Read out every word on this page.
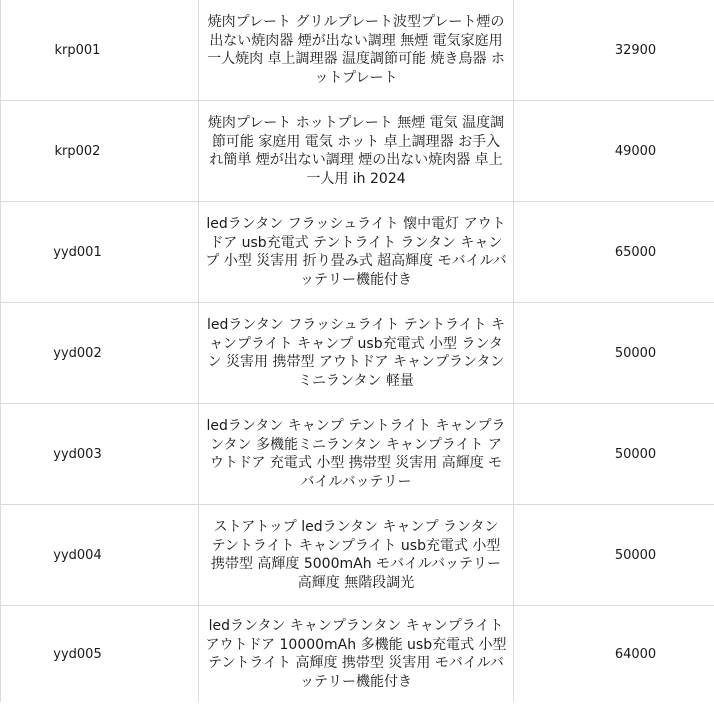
krp001	焼肉プレート グリルプレート波型プレート煙の出ない焼肉器 煙が出ない調理 無煙 電気家庭用 一人焼肉 卓上調理器 温度調節可能 焼き鳥器 ホットプレート	32900
krp002	焼肉プレート ホットプレート 無煙 電気 温度調節可能 家庭用 電気 ホット 卓上調理器 お手入れ簡単 煙が出ない調理 煙の出ない焼肉器 卓上 一人用 ih 2024	49000
yyd001	ledランタン フラッシュライト 懐中電灯 アウトドア usb充電式 テントライト ランタン キャンプ 小型 災害用 折り畳み式 超高輝度 モバイルバッテリー機能付き	65000
yyd002	ledランタン フラッシュライト テントライト キャンプライト キャンプ usb充電式 小型 ランタン 災害用 携帯型 アウトドア キャンプランタン ミニランタン 軽量	50000
yyd003	ledランタン キャンプ テントライト キャンプランタン 多機能ミニランタン キャンプライト アウトドア 充電式 小型 携帯型 災害用 高輝度 モバイルバッテリー	50000
yyd004	ストアトップ ledランタン キャンプ ランタン テントライト キャンプライト usb充電式 小型 携帯型 高輝度 5000mAh モバイルバッテリー 高輝度 無階段調光	50000
yyd005	ledランタン キャンプランタン キャンプライト アウトドア 10000mAh 多機能 usb充電式 小型 テントライト 高輝度 携帯型 災害用 モバイルバッテリー機能付き	64000
